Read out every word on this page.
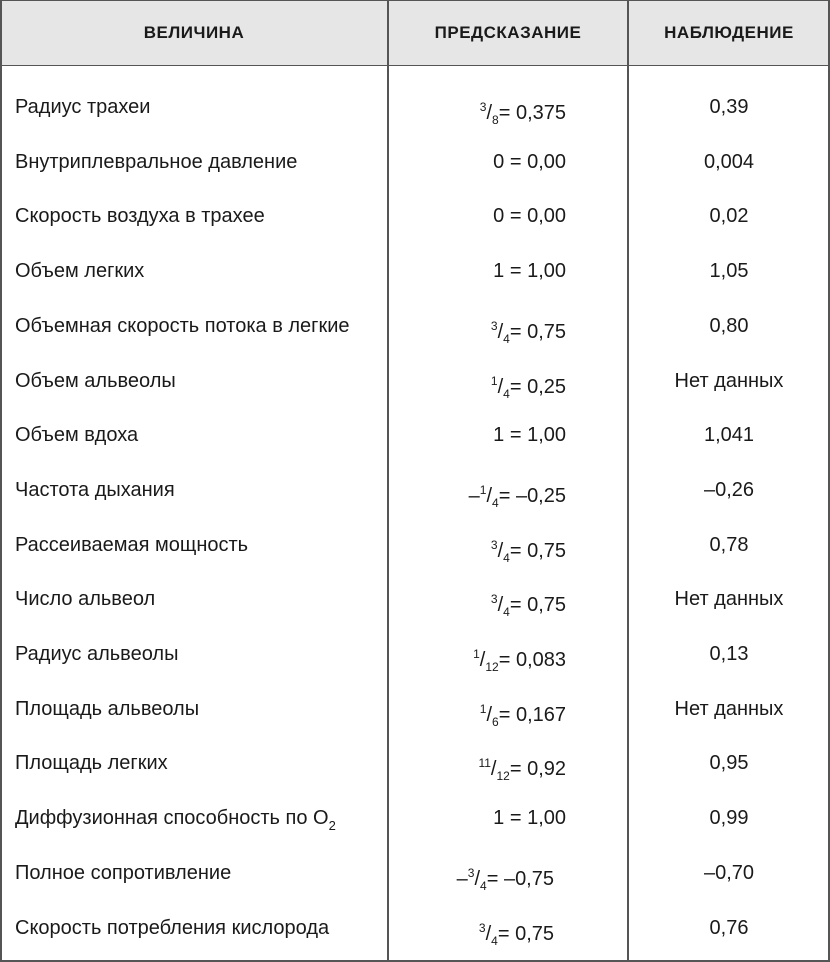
ВЕЛИЧИНА	ПРЕДСКАЗАНИЕ	НАБЛЮДЕНИЕ
Радиус трахеи	$^3/_8= 0,375$	0,39
Внутриплевральное давление	0 = 0,00	0,004
Скорость воздуха в трахее	0 = 0,00	0,02
Объем легких	1 = 1,00	1,05
Объемная скорость потока в легкие	$^3/_4= 0,75$	0,80
Объем альвеолы	$^1/_4= 0,25$	Нет данных
Объем вдоха	1 = 1,00	1,041
Частота дыхания	$-^1/_4= -0,25$	–0,26
Рассеиваемая мощность	$^3/_4= 0,75$	0,78
Число альвеол	$^3/_4= 0,75$	Нет данных
Радиус альвеолы	$^1/_{12}= 0,083$	0,13
Площадь альвеолы	$^1/_6= 0,167$	Нет данных
Площадь легких	$^{11}/_{12}= 0,92$	0,95
Диффузионная способность по $O_2$	1 = 1,00	0,99
Полное сопротивление	$-^3/_4= -0,75$	–0,70
Скорость потребления кислорода	$^3/_4= 0,75$	0,76
